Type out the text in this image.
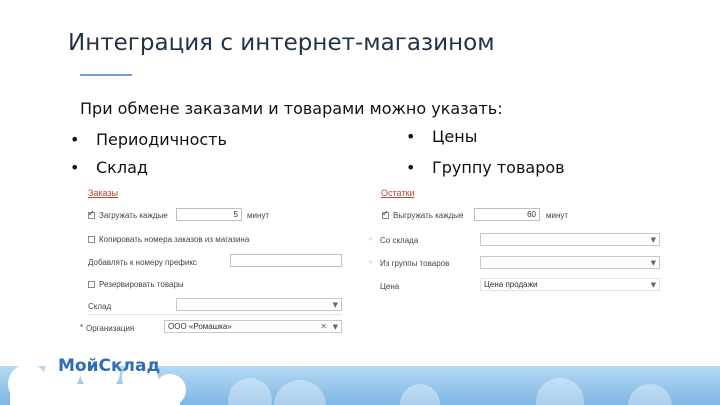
Интеграция с интернет-магазином
При обмене заказами и товарами можно указать:
• Периодичность
• Склад
• Цены
• Группу товаров
Заказы
✓
Загружать каждые	5	минут
Копировать номера заказов из магазина
Добавлять к номеру префикс
Резервировать товары
Склад	▼
* Организация	ООО «Ромашка»	✕ ▼
Остатки
✓
Выгружать каждые	60	минут
◦ Со склада	▼
◦ Из группы товаров	▼
Цена	Цена продажи	▼
МойСклад
